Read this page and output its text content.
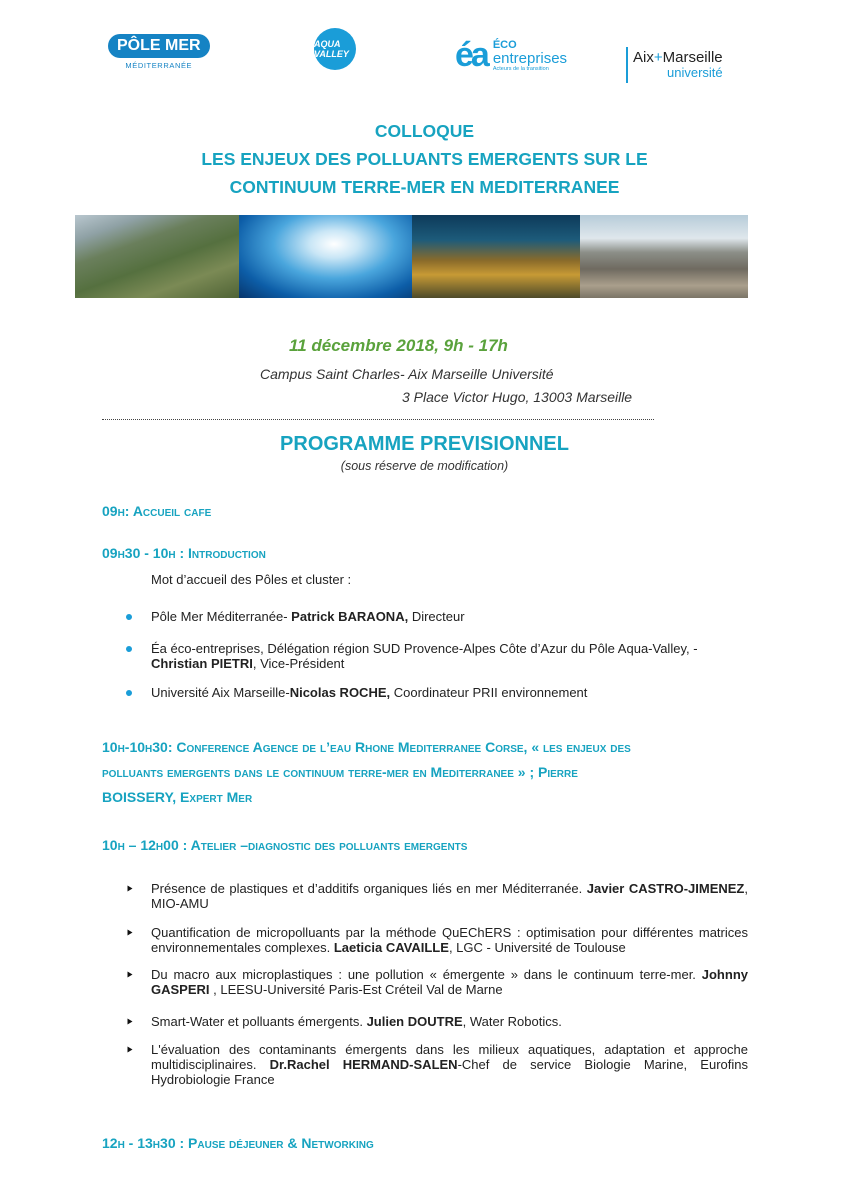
PÔLE MER
MÉDITERRANÉE
AQUA VALLEY	éa ÉCO
entreprises
Acteurs de la transition
Aix+Marseille
université
COLLOQUE
LES ENJEUX DES POLLUANTS EMERGENTS SUR LE
CONTINUUM TERRE-MER EN MEDITERRANEE
11 décembre 2018, 9h - 17h
Campus Saint Charles- Aix Marseille Université
3 Place Victor Hugo, 13003 Marseille
PROGRAMME PREVISIONNEL
(sous réserve de modification)
09h: Accueil cafe
09h30 - 10h : Introduction
Mot d’accueil des Pôles et cluster :
Pôle Mer Méditerranée- Patrick BARAONA, Directeur
Éa éco-entreprises, Délégation région SUD Provence-Alpes Côte d’Azur du Pôle Aqua-Valley, -
Christian PIETRI, Vice-Président
Université Aix Marseille-Nicolas ROCHE, Coordinateur PRII environnement
10h-10h30: Conference Agence de l’eau Rhone Mediterranee Corse, « les enjeux des
polluants emergents dans le continuum terre-mer en Mediterranee » ; Pierre
BOISSERY, Expert Mer
10h – 12h00 : Atelier –diagnostic des polluants emergents
Présence de plastiques et d’additifs organiques liés en mer Méditerranée. Javier CASTRO-JIMENEZ, MIO-AMU
Quantification de micropolluants par la méthode QuEChERS : optimisation pour différentes matrices environnementales complexes. Laeticia CAVAILLE, LGC - Université de Toulouse
Du macro aux microplastiques : une pollution « émergente » dans le continuum terre-mer. Johnny GASPERI , LEESU-Université Paris-Est Créteil Val de Marne
Smart-Water et polluants émergents. Julien DOUTRE, Water Robotics.
L'évaluation des contaminants émergents dans les milieux aquatiques, adaptation et approche multidisciplinaires. Dr.Rachel HERMAND-SALEN-Chef de service Biologie Marine, Eurofins Hydrobiologie France
12h - 13h30 : Pause déjeuner & Networking
